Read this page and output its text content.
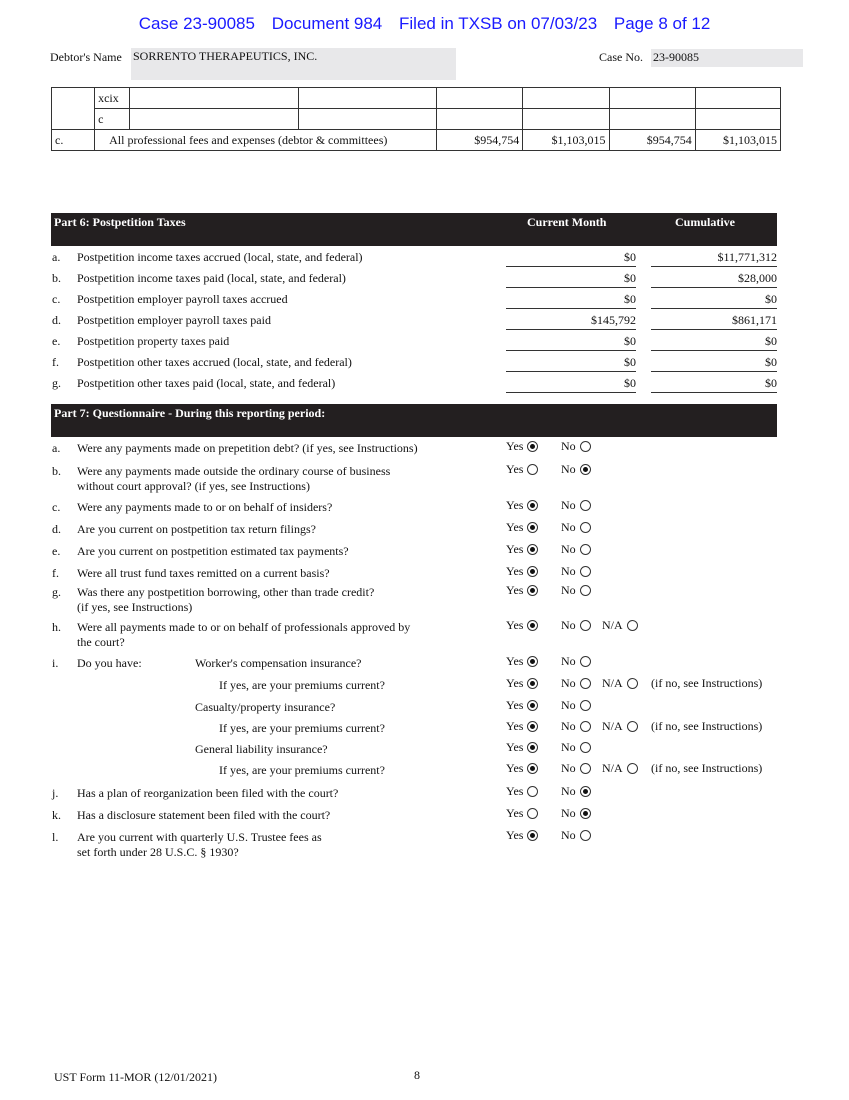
Case 23-90085 Document 984 Filed in TXSB on 07/03/23 Page 8 of 12
Debtor's Name SORRENTO THERAPEUTICS, INC.	Case No. 23-90085
	xcix						
	c						
c.	All professional fees and expenses (debtor & committees)			$954,754	$1,103,015	$954,754	$1,103,015
Part 6: Postpetition Taxes	Current Month	Cumulative
a.	Postpetition income taxes accrued (local, state, and federal)	$0	$11,771,312
b.	Postpetition income taxes paid (local, state, and federal)	$0	$28,000
c.	Postpetition employer payroll taxes accrued	$0	$0
d.	Postpetition employer payroll taxes paid	$145,792	$861,171
e.	Postpetition property taxes paid	$0	$0
f.	Postpetition other taxes accrued (local, state, and federal)	$0	$0
g.	Postpetition other taxes paid (local, state, and federal)	$0	$0
Part 7: Questionnaire - During this reporting period:
a.	Were any payments made on prepetition debt? (if yes, see Instructions)	Yes	No
b.	Were any payments made outside the ordinary course of business
without court approval? (if yes, see Instructions)
Yes	No
c.	Were any payments made to or on behalf of insiders?	Yes	No
d.	Are you current on postpetition tax return filings?	Yes	No
e.	Are you current on postpetition estimated tax payments?	Yes	No
f.	Were all trust fund taxes remitted on a current basis?	Yes	No
g.	Was there any postpetition borrowing, other than trade credit?
(if yes, see Instructions)
Yes	No
h.	Were all payments made to or on behalf of professionals approved by
the court?
Yes	No	N/A
i.	Do you have:	Worker's compensation insurance?	Yes	No
If yes, are your premiums current?	Yes	No	N/A	(if no, see Instructions)
Casualty/property insurance?	Yes	No
If yes, are your premiums current?	Yes	No	N/A	(if no, see Instructions)
General liability insurance?	Yes	No
If yes, are your premiums current?	Yes	No	N/A	(if no, see Instructions)
j.	Has a plan of reorganization been filed with the court?	Yes	No
k.	Has a disclosure statement been filed with the court?	Yes	No
l.	Are you current with quarterly U.S. Trustee fees as
set forth under 28 U.S.C. § 1930?
Yes	No
UST Form 11-MOR (12/01/2021)	8
